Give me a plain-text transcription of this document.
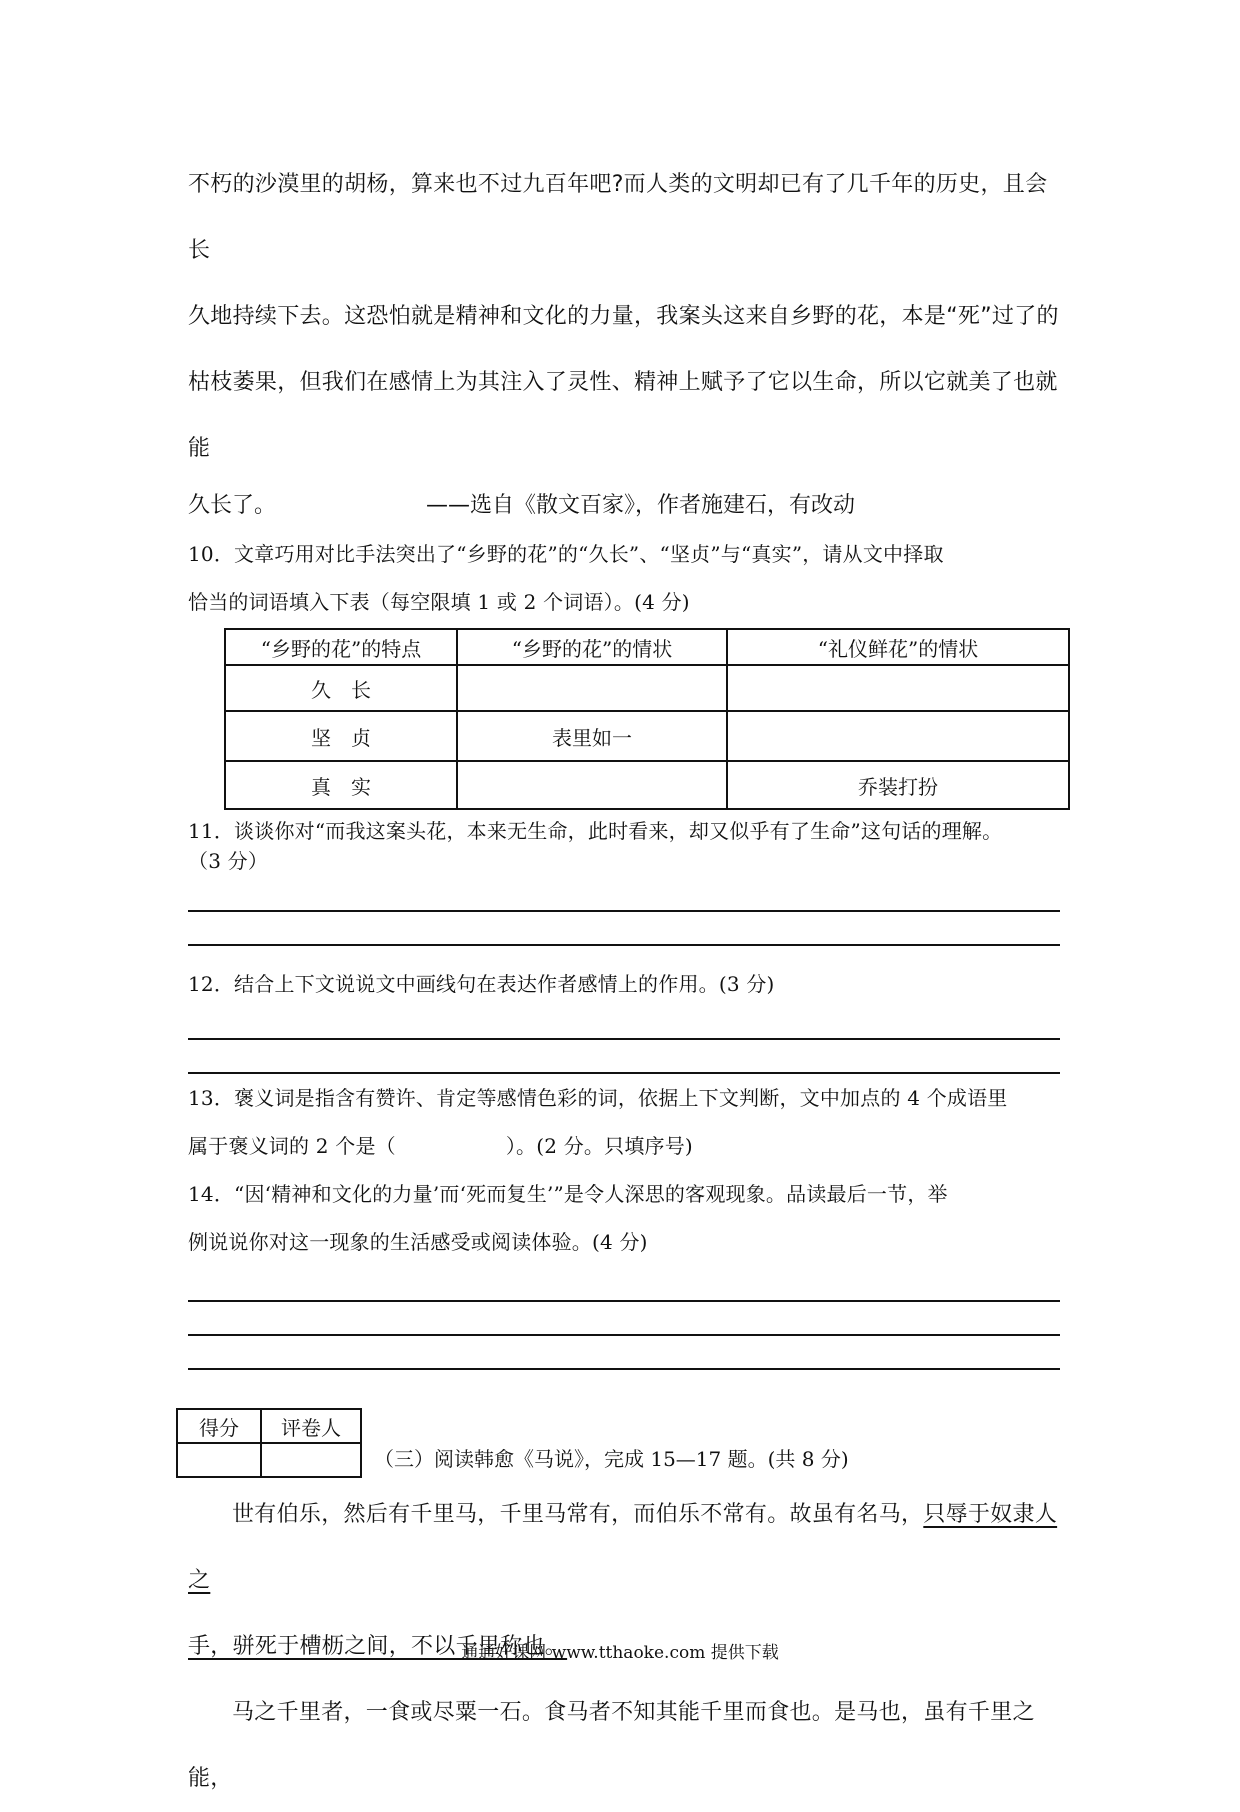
不朽的沙漠里的胡杨，算来也不过九百年吧?而人类的文明却已有了几千年的历史，且会长

久地持续下去。这恐怕就是精神和文化的力量，我案头这来自乡野的花，本是“死”过了的

枯枝萎果，但我们在感情上为其注入了灵性、精神上赋予了它以生命，所以它就美了也就能

久长了。	——选自《散文百家》，作者施建石，有改动

10．文章巧用对比手法突出了“乡野的花”的“久长”、“坚贞”与“真实”，请从文中择取

恰当的词语填入下表（每空限填 1 或 2 个词语）。(4 分)

“乡野的花”的特点	“乡野的花”的情状	“礼仪鲜花”的情状
久　长		
坚　贞	表里如一	
真　实		乔装打扮

11．谈谈你对“而我这案头花，本来无生命，此时看来，却又似乎有了生命”这句话的理解。

（3 分）

12．结合上下文说说文中画线句在表达作者感情上的作用。(3 分)

13．褒义词是指含有赞许、肯定等感情色彩的词，依据上下文判断，文中加点的 4 个成语里

属于褒义词的 2 个是（	）。(2 分。只填序号)

14．“因‘精神和文化的力量’而‘死而复生’”是令人深思的客观现象。品读最后一节，举

例说说你对这一现象的生活感受或阅读体验。(4 分)

得分	评卷人

（三）阅读韩愈《马说》，完成 15—17 题。(共 8 分)

世有伯乐，然后有千里马，千里马常有，而伯乐不常有。故虽有名马，只辱于奴隶人之

手，骈死于槽枥之间，不以千里称也。

马之千里者，一食或尽粟一石。食马者不知其能千里而食也。是马也，虽有千里之能，

通通好课网 www.tthaoke.com 提供下载
